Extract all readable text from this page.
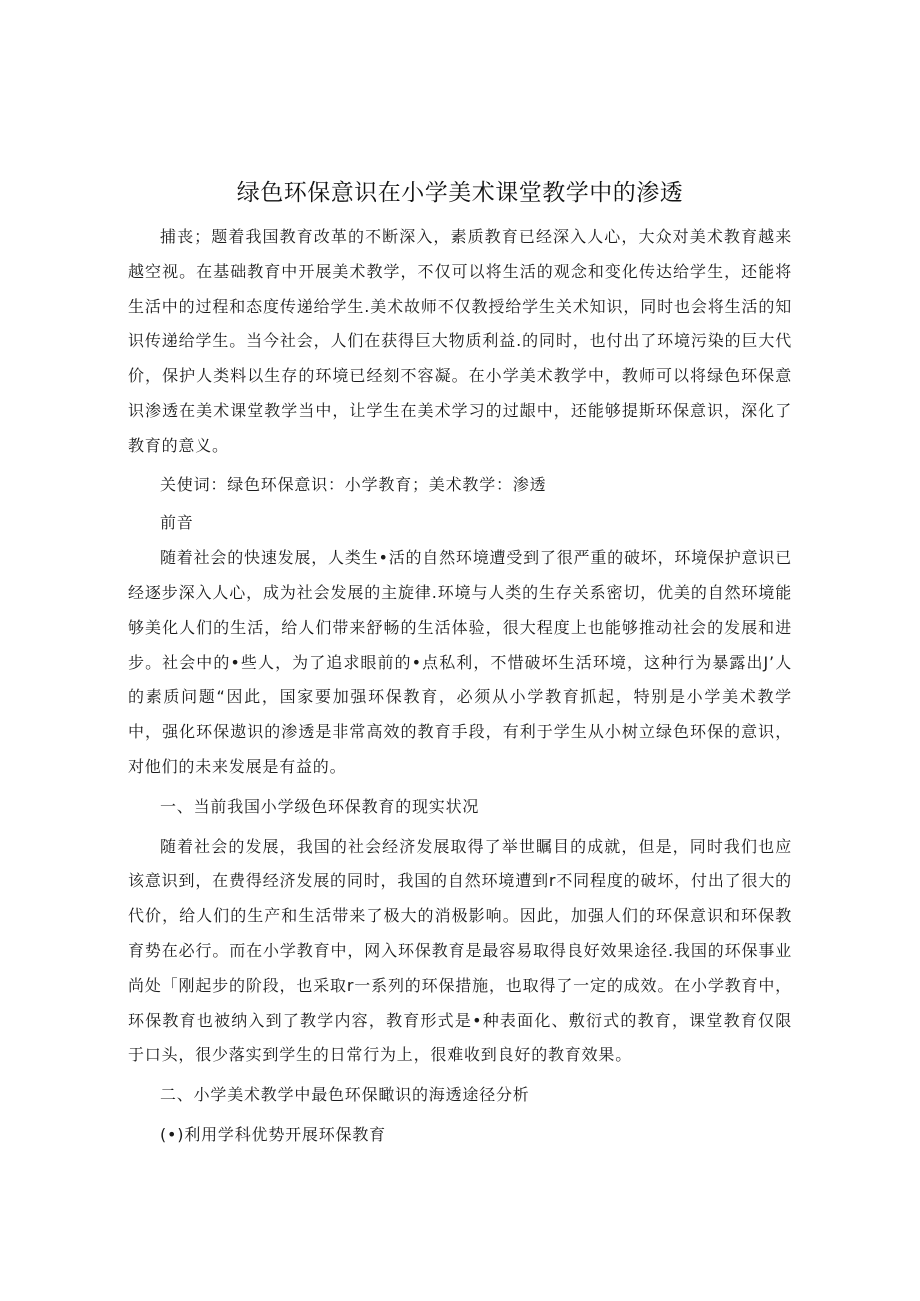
绿色环保意识在小学美术课堂教学中的渗透

捕丧；题着我国教育改革的不断深入，素质教育已经深入人心，大众对美术教育越来越空视。在基础教育中开展美术教学，不仅可以将生活的观念和变化传达给学生，还能将生活中的过程和态度传递给学生.美术故师不仅教授给学生关术知识，同时也会将生活的知识传递给学生。当今社会，人们在获得巨大物质利益.的同时，也付出了环境污染的巨大代价，保护人类料以生存的环境已经刻不容凝。在小学美术教学中，教师可以将绿色环保意识渗透在美术课堂教学当中，让学生在美术学习的过龈中，还能够提斯环保意识，深化了教育的意义。

关使词：绿色环保意识：小学教育；美术教学：渗透

前音

随着社会的快速发展，人类生•活的自然环境遭受到了很严重的破坏，环境保护意识已经逐步深入人心，成为社会发展的主旋律.环境与人类的生存关系密切，优美的自然环境能够美化人们的生活，给人们带来舒畅的生活体验，很大程度上也能够推动社会的发展和进步。社会中的•些人，为了追求眼前的•点私利，不惜破坏生活环境，这种行为暴露出J’人的素质问题“因此，国家要加强环保教育，必须从小学教育抓起，特别是小学美术教学中，强化环保遨识的渗透是非常高效的教育手段，有利于学生从小树立绿色环保的意识，对他们的未来发展是有益的。

一、当前我国小学级色环保教育的现实状况

随着社会的发展，我国的社会经济发展取得了举世瞩目的成就，但是，同时我们也应该意识到，在费得经济发展的同时，我国的自然环境遭到r不同程度的破坏，付出了很大的代价，给人们的生产和生活带来了极大的消极影响。因此，加强人们的环保意识和环保教育势在必行。而在小学教育中，网入环保教育是最容易取得良好效果途径.我国的环保事业尚处「刚起步的阶段，也采取r一系列的环保措施，也取得了一定的成效。在小学教育中，环保教育也被纳入到了教学内容，教育形式是•种表面化、敷衍式的教育，课堂教育仅限于口头，很少落实到学生的日常行为上，很难收到良好的教育效果。

二、小学美术教学中最色环保瞰识的海透途径分析

(•)利用学科优势开展环保教育
